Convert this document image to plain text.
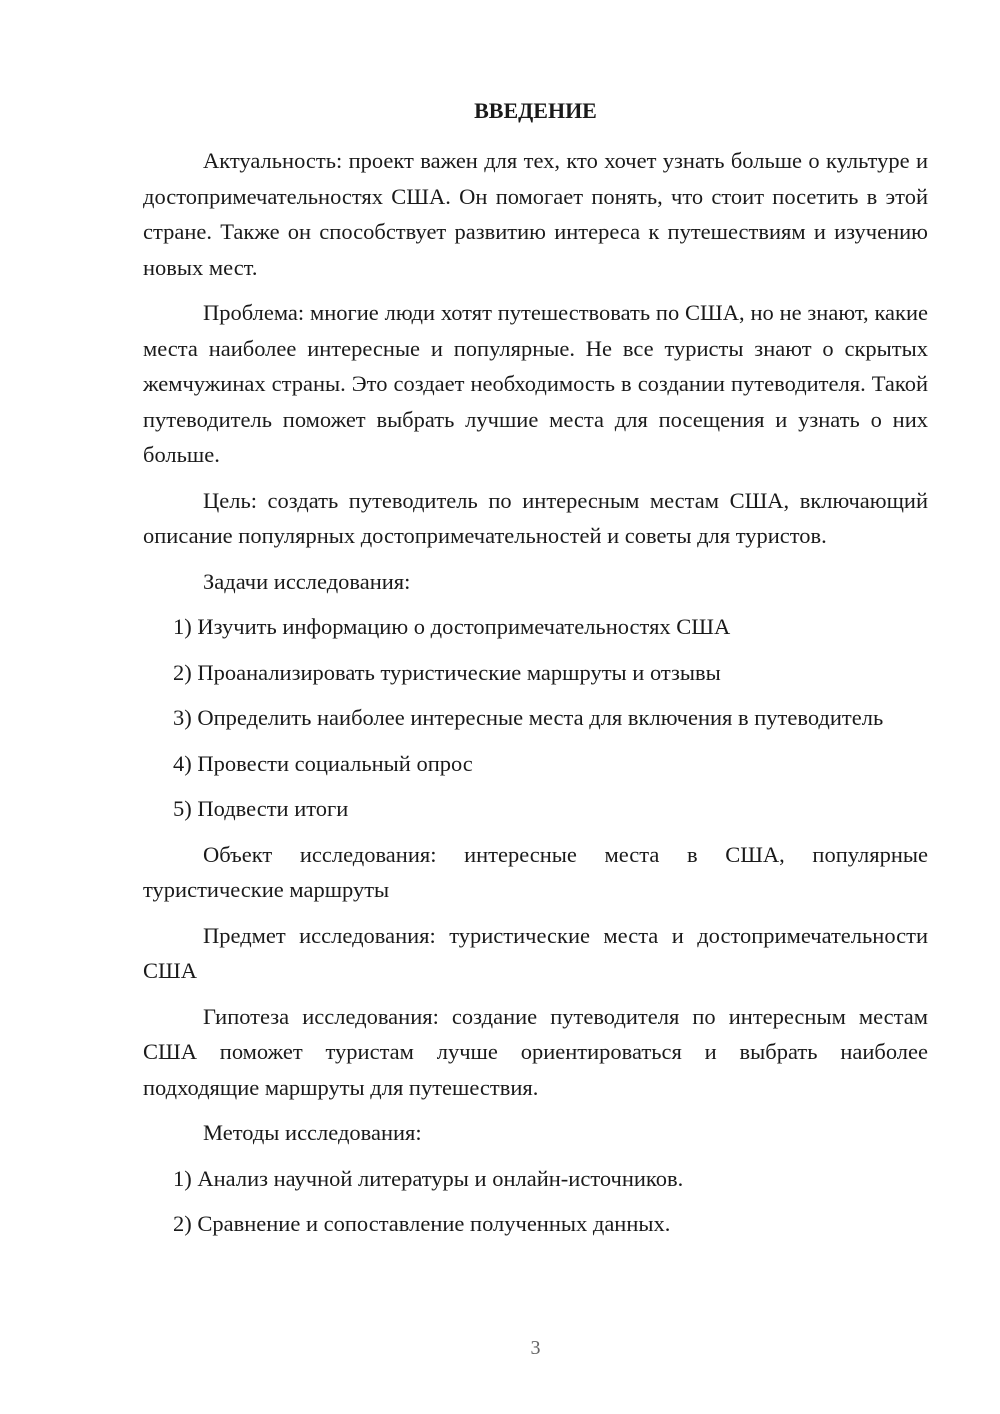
ВВЕДЕНИЕ

Актуальность: проект важен для тех, кто хочет узнать больше о культуре и достопримечательностях США. Он помогает понять, что стоит посетить в этой стране. Также он способствует развитию интереса к путешествиям и изучению новых мест.

Проблема: многие люди хотят путешествовать по США, но не знают, какие места наиболее интересные и популярные. Не все туристы знают о скрытых жемчужинах страны. Это создает необходимость в создании путеводителя. Такой путеводитель поможет выбрать лучшие места для посещения и узнать о них больше.

Цель: создать путеводитель по интересным местам США, включающий описание популярных достопримечательностей и советы для туристов.

Задачи исследования:

1) Изучить информацию о достопримечательностях США

2) Проанализировать туристические маршруты и отзывы

3) Определить наиболее интересные места для включения в путеводитель

4) Провести социальный опрос

5) Подвести итоги

Объект исследования: интересные места в США, популярные туристические маршруты

Предмет исследования: туристические места и достопримечательности США

Гипотеза исследования: создание путеводителя по интересным местам США поможет туристам лучше ориентироваться и выбрать наиболее подходящие маршруты для путешествия.

Методы исследования:

1) Анализ научной литературы и онлайн-источников.

2) Сравнение и сопоставление полученных данных.

3
